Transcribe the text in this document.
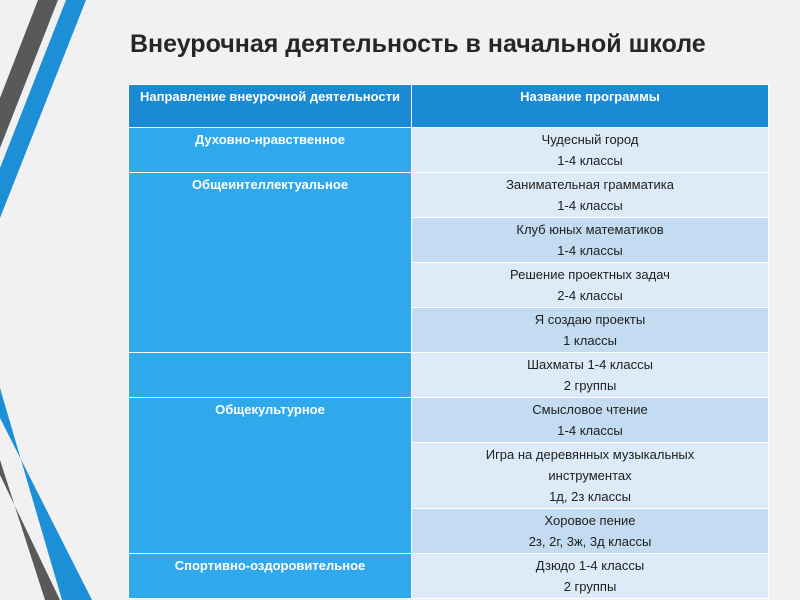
Внеурочная деятельность в начальной школе
Направление внеурочной деятельности	Название программы
Духовно-нравственное	Чудесный город
1-4 классы

Общеинтеллектуальное	Занимательная грамматика
1-4 классы

	Клуб юных математиков
1-4 классы

	Решение проектных задач
2-4 классы

	Я создаю проекты
1 классы

	Шахматы 1-4 классы
2 группы

Общекультурное	Смысловое чтение
1-4 классы

	Игра на деревянных музыкальных
инструментах
1д, 2з классы

	Хоровое пение
2з, 2г, 3ж, 3д классы

Спортивно-оздоровительное	Дзюдо 1-4 классы
2 группы
